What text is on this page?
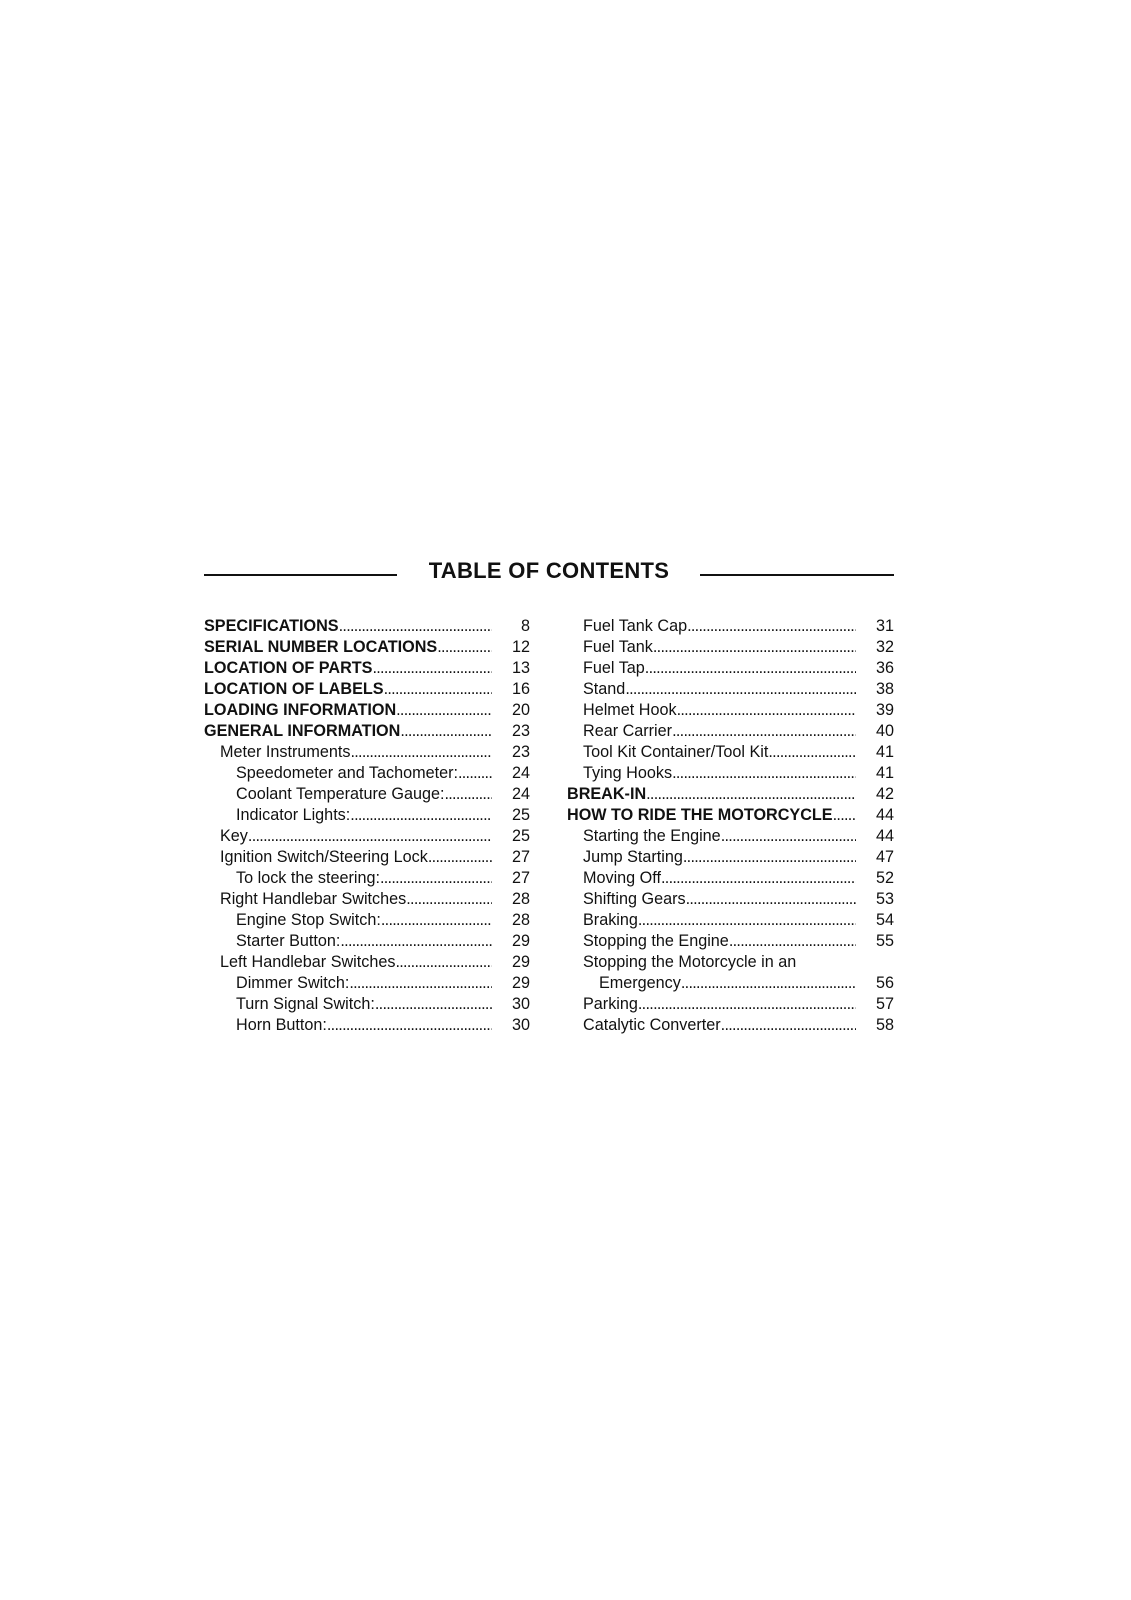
TABLE OF CONTENTS
SPECIFICATIONS . . .	8
SERIAL NUMBER LOCATIONS . . .	12
LOCATION OF PARTS . . .	13
LOCATION OF LABELS . . .	16
LOADING INFORMATION . . .	20
GENERAL INFORMATION . . .	23
Meter Instruments . . .	23
Speedometer and Tachometer: . . .	24
Coolant Temperature Gauge: . . .	24
Indicator Lights: . . .	25
Key . . .	25
Ignition Switch/Steering Lock . . .	27
To lock the steering: . . .	27
Right Handlebar Switches . . .	28
Engine Stop Switch: . . .	28
Starter Button: . . .	29
Left Handlebar Switches . . .	29
Dimmer Switch: . . .	29
Turn Signal Switch: . . .	30
Horn Button: . . .	30
Fuel Tank Cap . . .	31
Fuel Tank . . .	32
Fuel Tap . . .	36
Stand . . .	38
Helmet Hook . . .	39
Rear Carrier . . .	40
Tool Kit Container/Tool Kit . . .	41
Tying Hooks . . .	41
BREAK-IN . . .	42
HOW TO RIDE THE MOTORCYCLE . . .	44
Starting the Engine . . .	44
Jump Starting . . .	47
Moving Off . . .	52
Shifting Gears . . .	53
Braking . . .	54
Stopping the Engine . . .	55
Stopping the Motorcycle in an
Emergency . . .	56
Parking . . .	57
Catalytic Converter . . .	58
